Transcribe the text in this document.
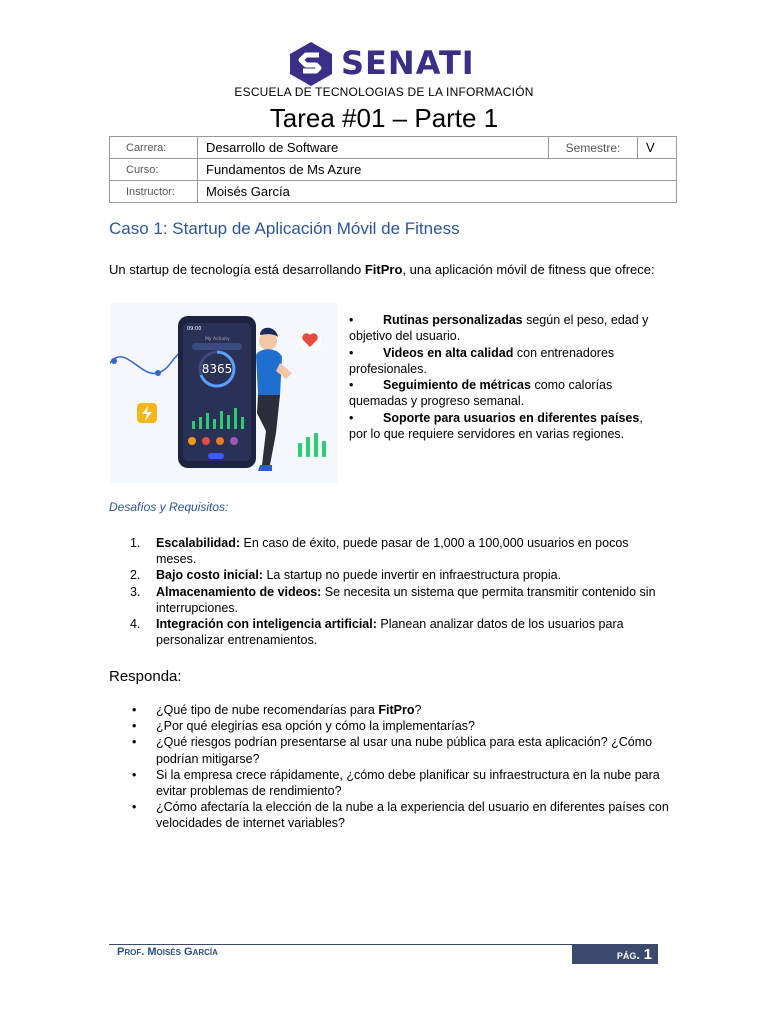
SENATI
ESCUELA DE TECNOLOGIAS DE LA INFORMACIÓN
Tarea #01 – Parte 1
Carrera:	Desarrollo de Software	Semestre:	V
Curso:	Fundamentos de Ms Azure		
Instructor:	Moisés García		
Caso 1: Startup de Aplicación Móvil de Fitness
Un startup de tecnología está desarrollando FitPro, una aplicación móvil de fitness que ofrece:
09:00
My Activity
8365
• Rutinas personalizadas según el peso, edad y objetivo del usuario.
• Videos en alta calidad con entrenadores profesionales.
• Seguimiento de métricas como calorías quemadas y progreso semanal.
• Soporte para usuarios en diferentes países, por lo que requiere servidores en varias regiones.
Desafíos y Requisitos:
1. Escalabilidad: En caso de éxito, puede pasar de 1,000 a 100,000 usuarios en pocos meses.
2. Bajo costo inicial: La startup no puede invertir en infraestructura propia.
3. Almacenamiento de videos: Se necesita un sistema que permita transmitir contenido sin interrupciones.
4. Integración con inteligencia artificial: Planean analizar datos de los usuarios para personalizar entrenamientos.
Responda:
• ¿Qué tipo de nube recomendarías para FitPro?
• ¿Por qué elegirías esa opción y cómo la implementarías?
• ¿Qué riesgos podrían presentarse al usar una nube pública para esta aplicación? ¿Cómo podrían mitigarse?
• Si la empresa crece rápidamente, ¿cómo debe planificar su infraestructura en la nube para evitar problemas de rendimiento?
• ¿Cómo afectaría la elección de la nube a la experiencia del usuario en diferentes países con velocidades de internet variables?
Prof. Moisés García	pág. 1
